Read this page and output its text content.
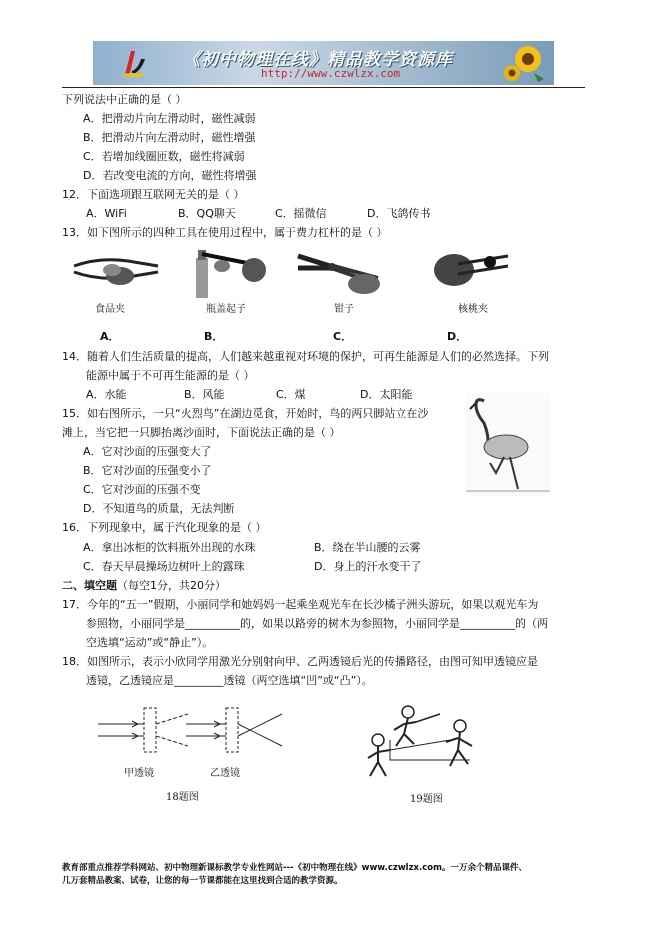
《初中物理在线》精品教学资源库
http://www.czwlzx.com
下列说法中正确的是（ ）
A．把滑动片向左滑动时，磁性减弱
B．把滑动片向左滑动时，磁性增强
C．若增加线圈匝数，磁性将减弱
D．若改变电流的方向，磁性将增强
12．下面选项跟互联网无关的是（ ）
A．WiFi	B．QQ聊天	C．摇微信	D．飞鸽传书
13．如下图所示的四种工具在使用过程中，属于费力杠杆的是（ ）
食品夹	瓶盖起子	钳子	核桃夹
A．	B．	C．	D．
14．随着人们生活质量的提高，人们越来越重视对环境的保护，可再生能源是人们的必然选择。下列
能源中属于不可再生能源的是（ ）
A．水能	B．风能	C．煤	D．太阳能
15．如右图所示，一只“火烈鸟”在湖边觅食，开始时，鸟的两只脚站立在沙
滩上，当它把一只脚抬离沙面时，下面说法正确的是（ ）
A．它对沙面的压强变大了
B．它对沙面的压强变小了
C．它对沙面的压强不变
D．不知道鸟的质量，无法判断
16．下列现象中，属于汽化现象的是（ ）
A．拿出冰柜的饮料瓶外出现的水珠	B．绕在半山腰的云雾
C．春天早晨操场边树叶上的露珠	D．身上的汗水变干了
二、填空题（每空1分，共20分）
17．今年的“五一”假期，小丽同学和她妈妈一起乘坐观光车在长沙橘子洲头游玩，如果以观光车为
参照物，小丽同学是__________的，如果以路旁的树木为参照物，小丽同学是__________的（两
空选填“运动”或“静止”）。
18．如图所示，表示小欣同学用激光分别射向甲、乙两透镜后光的传播路径，由图可知甲透镜应是
透镜，乙透镜应是_________透镜（两空选填“凹”或“凸”）。
甲透镜	乙透镜
18题图	19题图
教育部重点推荐学科网站、初中物理新课标教学专业性网站---《初中物理在线》www.czwlzx.com。一万余个精品课件、
几万套精品教案、试卷，让您的每一节课都能在这里找到合适的教学资源。
